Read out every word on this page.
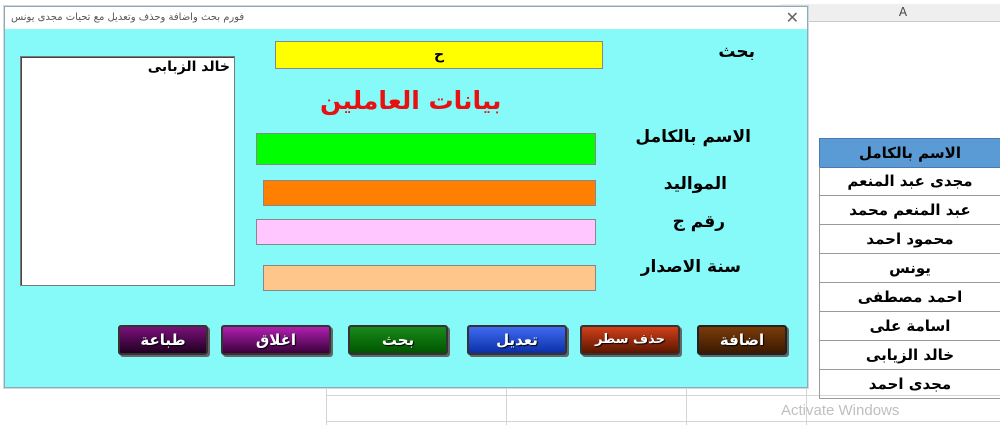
A
الاسم بالكامل
مجدى عبد المنعم
عبد المنعم محمد
محمود احمد
يونس
احمد مصطفى
اسامة على
خالد الزيابى
مجدى احمد
Activate Windows
فورم بحث واضافة وحذف وتعديل مع تحيات مجدى يونس	✕
خالد الزبابى
ح
بحث
بيانات العاملين
الاسم بالكامل
المواليد
رقم ج
سنة الاصدار
اضافة
حذف سطر
تعديل
بحث
اغلاق
طباعة
